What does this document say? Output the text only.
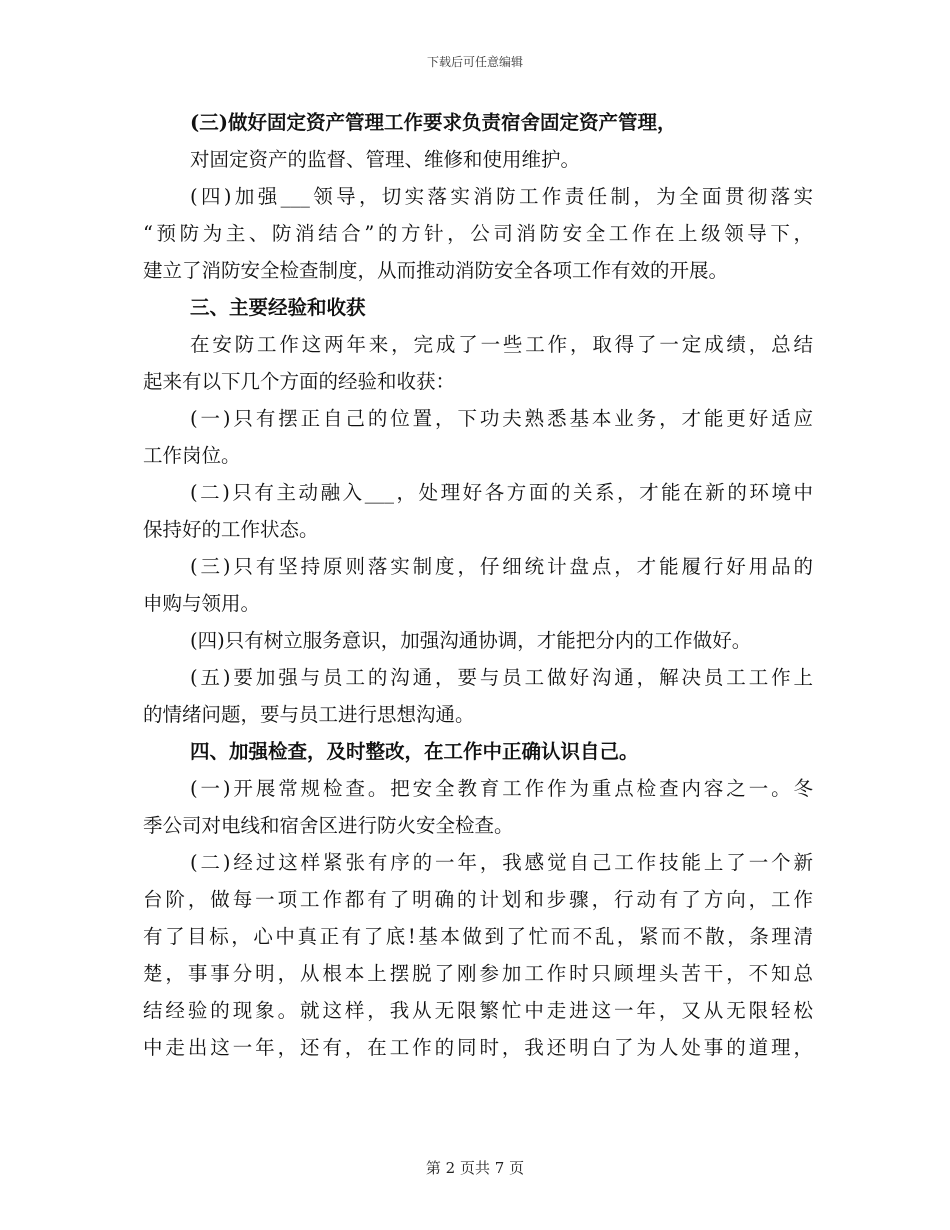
下载后可任意编辑
(三)做好固定资产管理工作要求负责宿舍固定资产管理，
对固定资产的监督、管理、维修和使用维护。
(四)加强___领导，切实落实消防工作责任制，为全面贯彻落实
“预防为主、防消结合”的方针，公司消防安全工作在上级领导下，
建立了消防安全检查制度，从而推动消防安全各项工作有效的开展。
三、主要经验和收获
在安防工作这两年来，完成了一些工作，取得了一定成绩，总结
起来有以下几个方面的经验和收获：
(一)只有摆正自己的位置，下功夫熟悉基本业务，才能更好适应
工作岗位。
(二)只有主动融入___，处理好各方面的关系，才能在新的环境中
保持好的工作状态。
(三)只有坚持原则落实制度，仔细统计盘点，才能履行好用品的
申购与领用。
(四)只有树立服务意识，加强沟通协调，才能把分内的工作做好。
(五)要加强与员工的沟通，要与员工做好沟通，解决员工工作上
的情绪问题，要与员工进行思想沟通。
四、加强检查，及时整改，在工作中正确认识自己。
(一)开展常规检查。把安全教育工作作为重点检查内容之一。冬
季公司对电线和宿舍区进行防火安全检查。
(二)经过这样紧张有序的一年，我感觉自己工作技能上了一个新
台阶，做每一项工作都有了明确的计划和步骤，行动有了方向，工作
有了目标，心中真正有了底!基本做到了忙而不乱，紧而不散，条理清
楚，事事分明，从根本上摆脱了刚参加工作时只顾埋头苦干，不知总
结经验的现象。就这样，我从无限繁忙中走进这一年，又从无限轻松
中走出这一年，还有，在工作的同时，我还明白了为人处事的道理，
第 2 页共 7 页
